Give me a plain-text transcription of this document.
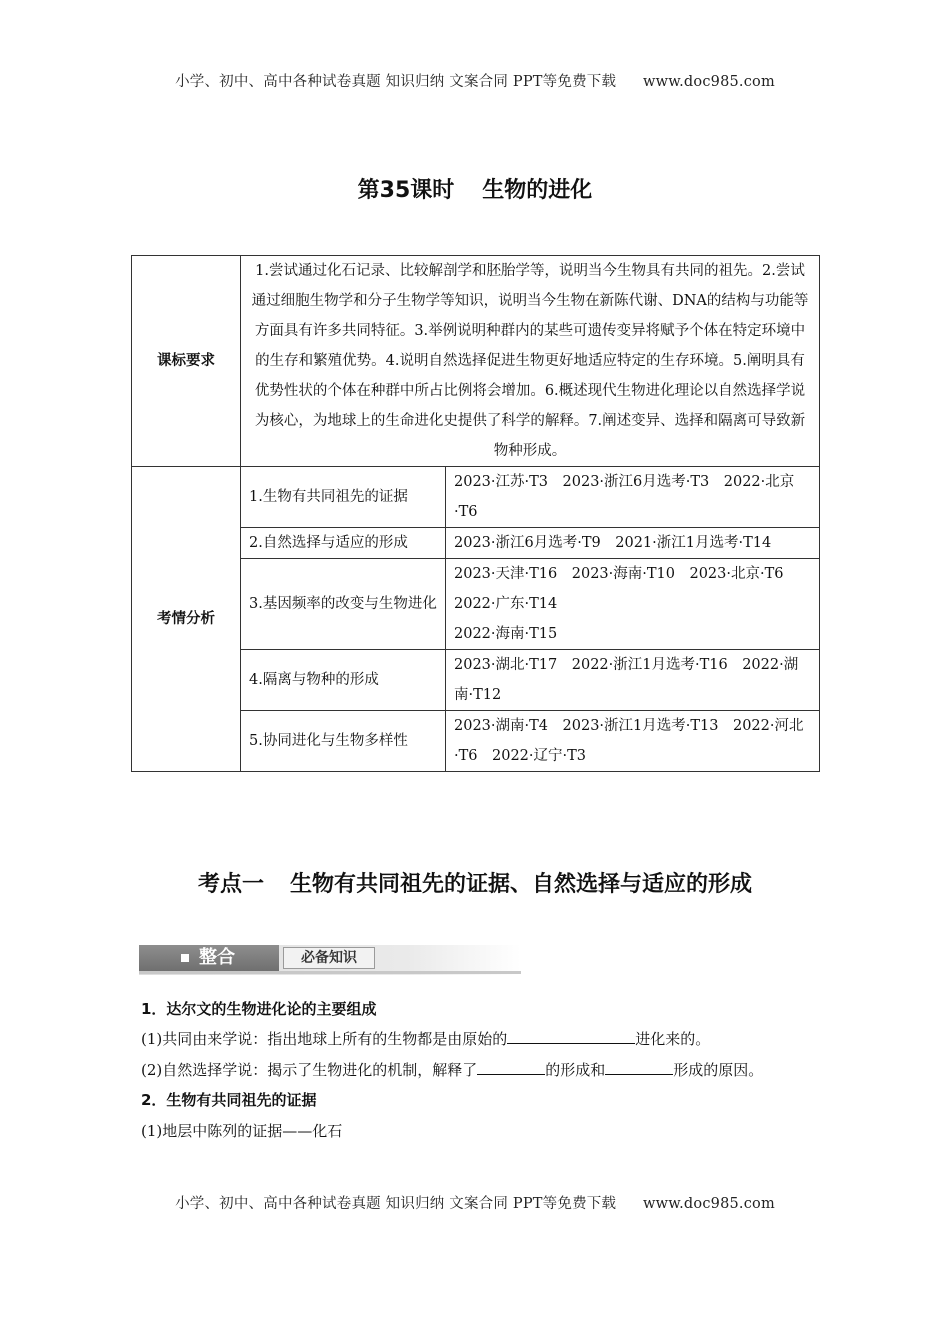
小学、初中、高中各种试卷真题 知识归纳 文案合同 PPT等免费下载 www.doc985.com
第35课时 生物的进化
课标要求	1.尝试通过化石记录、比较解剖学和胚胎学等，说明当今生物具有共同的祖先。2.尝试通过细胞生物学和分子生物学等知识，说明当今生物在新陈代谢、DNA的结构与功能等方面具有许多共同特征。3.举例说明种群内的某些可遗传变异将赋予个体在特定环境中的生存和繁殖优势。4.说明自然选择促进生物更好地适应特定的生存环境。5.阐明具有优势性状的个体在种群中所占比例将会增加。6.概述现代生物进化理论以自然选择学说为核心，为地球上的生命进化史提供了科学的解释。7.阐述变异、选择和隔离可导致新物种形成。	
考情分析	1.生物有共同祖先的证据	2023·江苏·T3　2023·浙江6月选考·T3　2022·北京·T6
	2.自然选择与适应的形成	2023·浙江6月选考·T9　2021·浙江1月选考·T14
	3.基因频率的改变与生物进化	2023·天津·T16　2023·海南·T10　2023·北京·T6
2022·广东·T14
2022·海南·T15

	4.隔离与物种的形成	2023·湖北·T17　2022·浙江1月选考·T16　2022·湖南·T12
	5.协同进化与生物多样性	2023·湖南·T4　2023·浙江1月选考·T13　2022·河北·T6　2022·辽宁·T3
考点一 生物有共同祖先的证据、自然选择与适应的形成
整合	必备知识
1．达尔文的生物进化论的主要组成
(1)共同由来学说：指出地球上所有的生物都是由原始的	进化来的。
(2)自然选择学说：揭示了生物进化的机制，解释了	的形成和	形成的原因。
2．生物有共同祖先的证据
(1)地层中陈列的证据——化石
小学、初中、高中各种试卷真题 知识归纳 文案合同 PPT等免费下载 www.doc985.com
